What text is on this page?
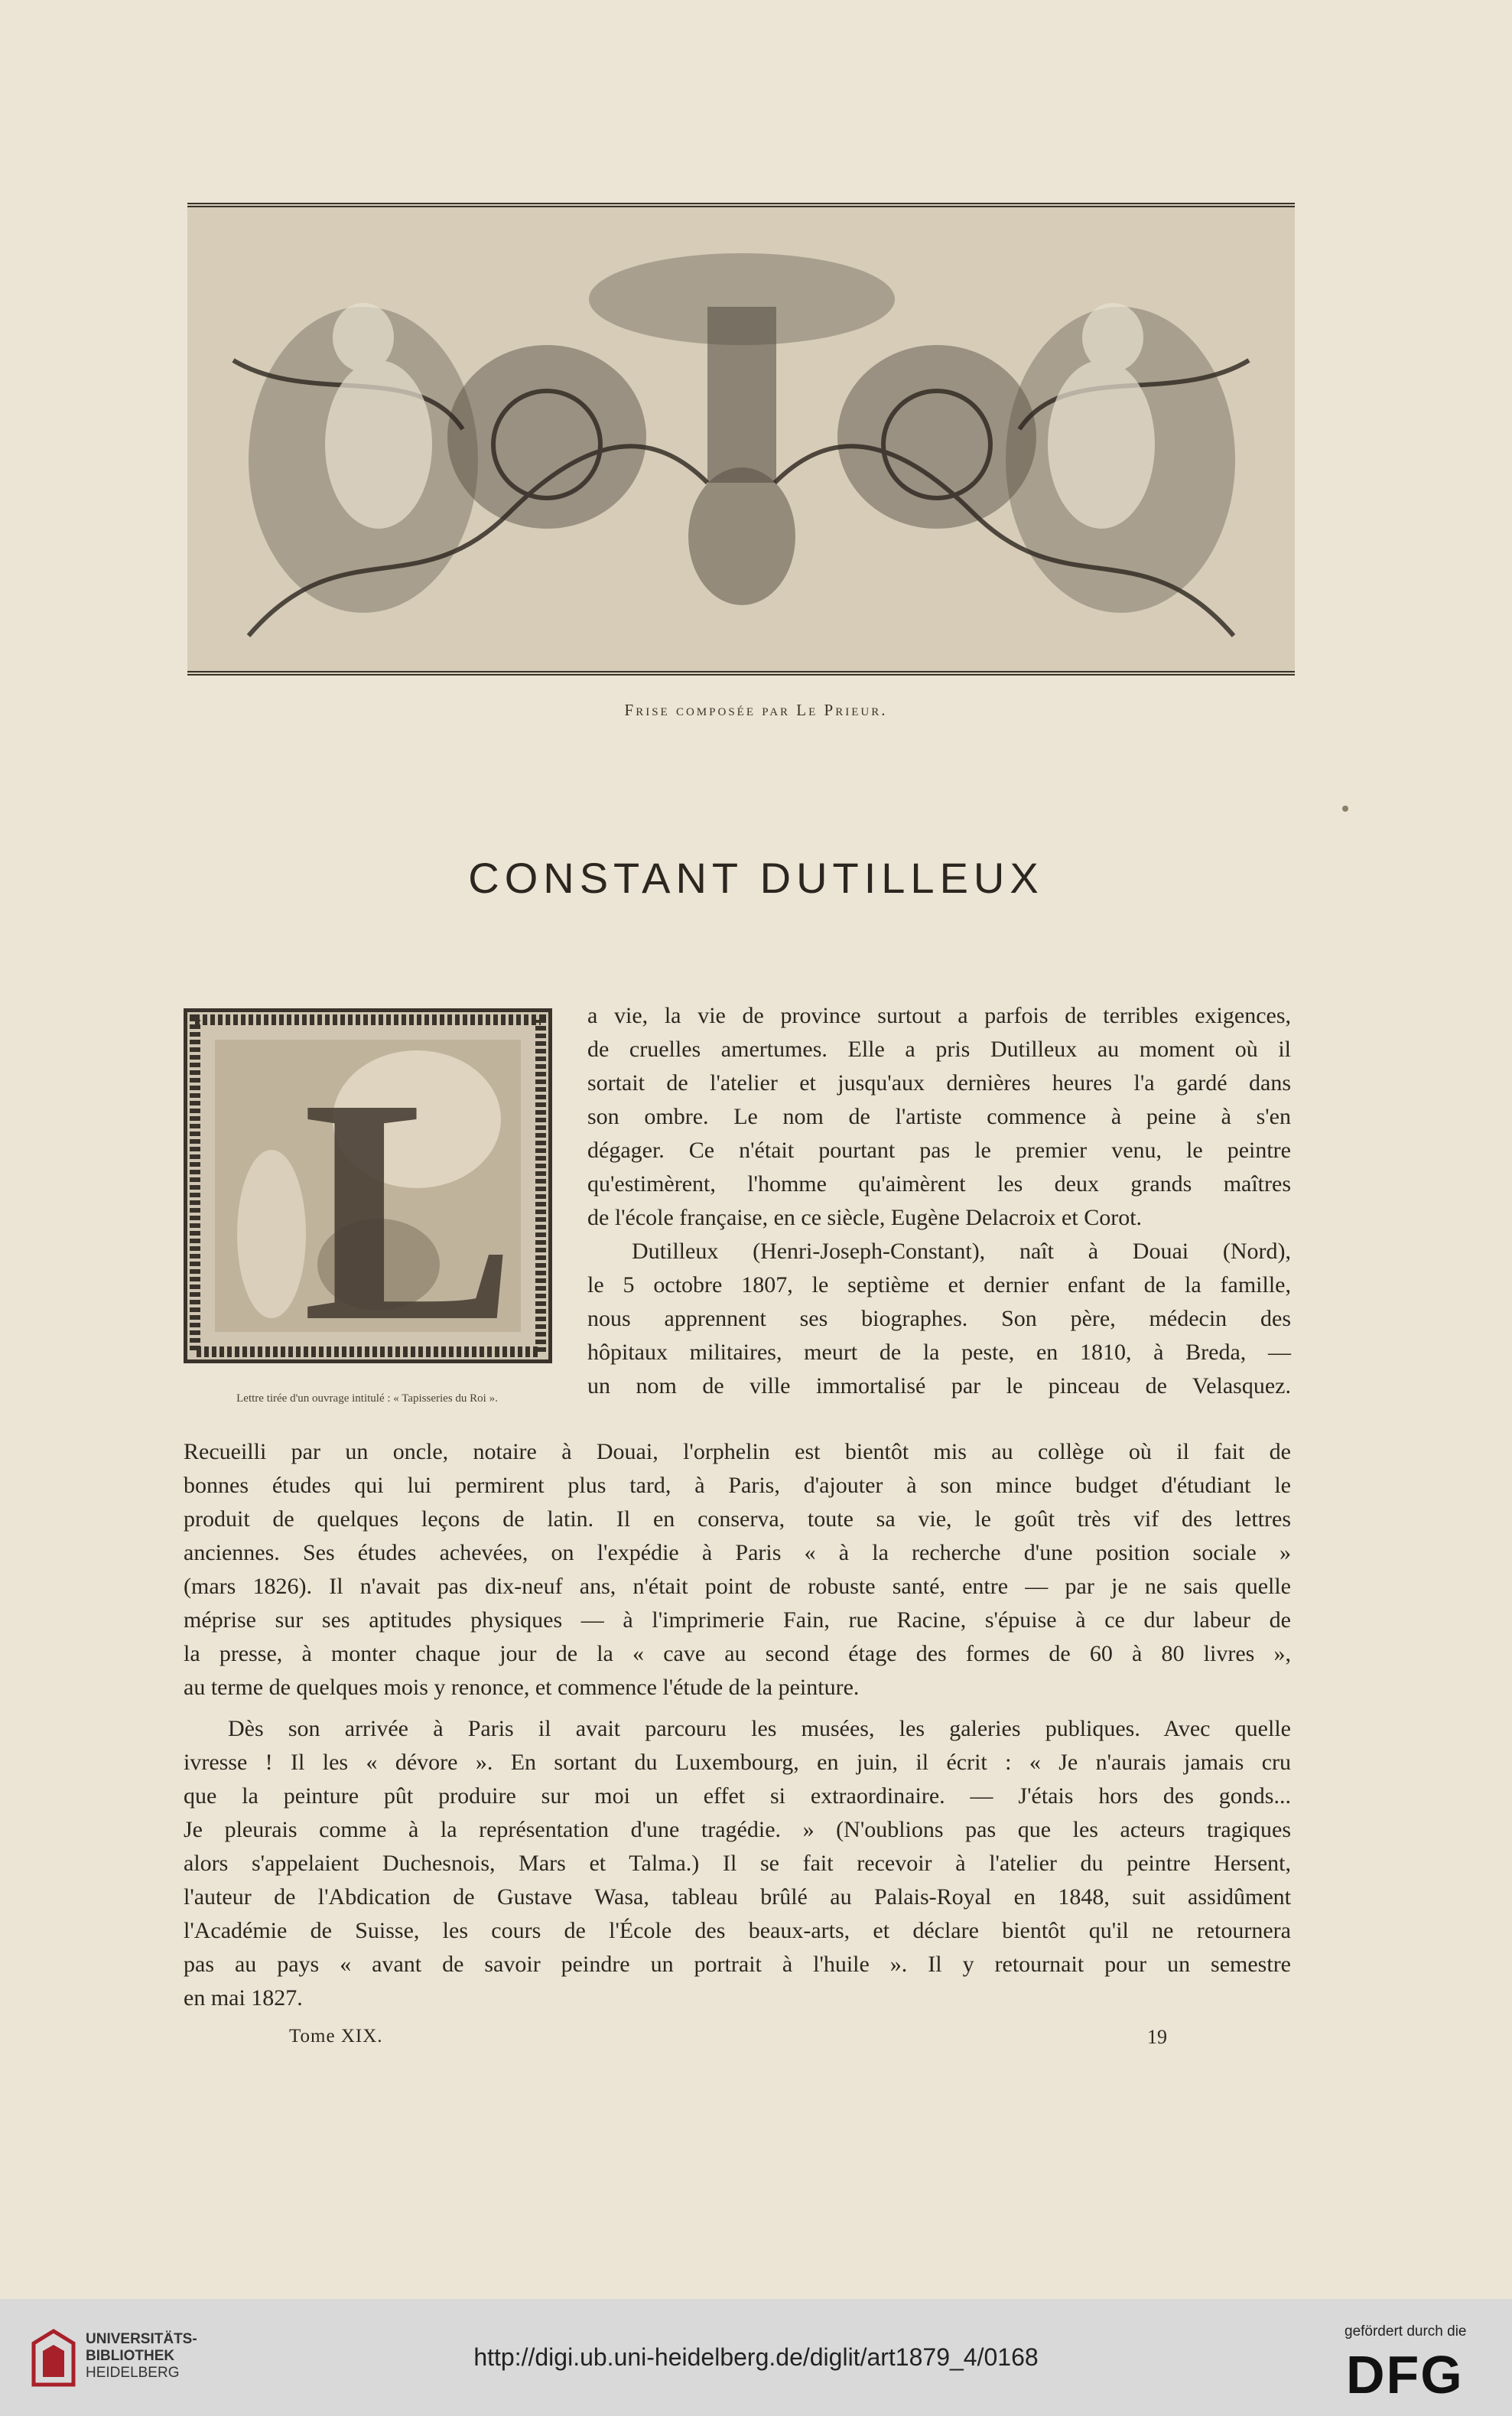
Frise composée par Le Prieur.
CONSTANT DUTILLEUX
L
Lettre tirée d'un ouvrage intitulé : « Tapisseries du Roi ».
a vie, la vie de province surtout a parfois de terribles exigences,
de cruelles amertumes. Elle a pris Dutilleux au moment où il
sortait de l'atelier et jusqu'aux dernières heures l'a gardé dans
son ombre. Le nom de l'artiste commence à peine à s'en
dégager. Ce n'était pourtant pas le premier venu, le peintre
qu'estimèrent, l'homme qu'aimèrent les deux grands maîtres
de l'école française, en ce siècle, Eugène Delacroix et Corot.
Dutilleux (Henri-Joseph-Constant), naît à Douai (Nord),
le 5 octobre 1807, le septième et dernier enfant de la famille,
nous apprennent ses biographes. Son père, médecin des
hôpitaux militaires, meurt de la peste, en 1810, à Breda, —
un nom de ville immortalisé par le pinceau de Velasquez.
Recueilli par un oncle, notaire à Douai, l'orphelin est bientôt mis au collège où il fait de
bonnes études qui lui permirent plus tard, à Paris, d'ajouter à son mince budget d'étudiant le
produit de quelques leçons de latin. Il en conserva, toute sa vie, le goût très vif des lettres
anciennes. Ses études achevées, on l'expédie à Paris « à la recherche d'une position sociale »
(mars 1826). Il n'avait pas dix-neuf ans, n'était point de robuste santé, entre — par je ne sais quelle
méprise sur ses aptitudes physiques — à l'imprimerie Fain, rue Racine, s'épuise à ce dur labeur de
la presse, à monter chaque jour de la « cave au second étage des formes de 60 à 80 livres »,
au terme de quelques mois y renonce, et commence l'étude de la peinture.
Dès son arrivée à Paris il avait parcouru les musées, les galeries publiques. Avec quelle
ivresse ! Il les « dévore ». En sortant du Luxembourg, en juin, il écrit : « Je n'aurais jamais cru
que la peinture pût produire sur moi un effet si extraordinaire. — J'étais hors des gonds...
Je pleurais comme à la représentation d'une tragédie. » (N'oublions pas que les acteurs tragiques
alors s'appelaient Duchesnois, Mars et Talma.) Il se fait recevoir à l'atelier du peintre Hersent,
l'auteur de l'Abdication de Gustave Wasa, tableau brûlé au Palais-Royal en 1848, suit assidûment
l'Académie de Suisse, les cours de l'École des beaux-arts, et déclare bientôt qu'il ne retournera
pas au pays « avant de savoir peindre un portrait à l'huile ». Il y retournait pour un semestre
en mai 1827.
Tome XIX.	19
UNIVERSITÄTS-
BIBLIOTHEK
HEIDELBERG
http://digi.ub.uni-heidelberg.de/diglit/art1879_4/0168
gefördert durch die
DFG
